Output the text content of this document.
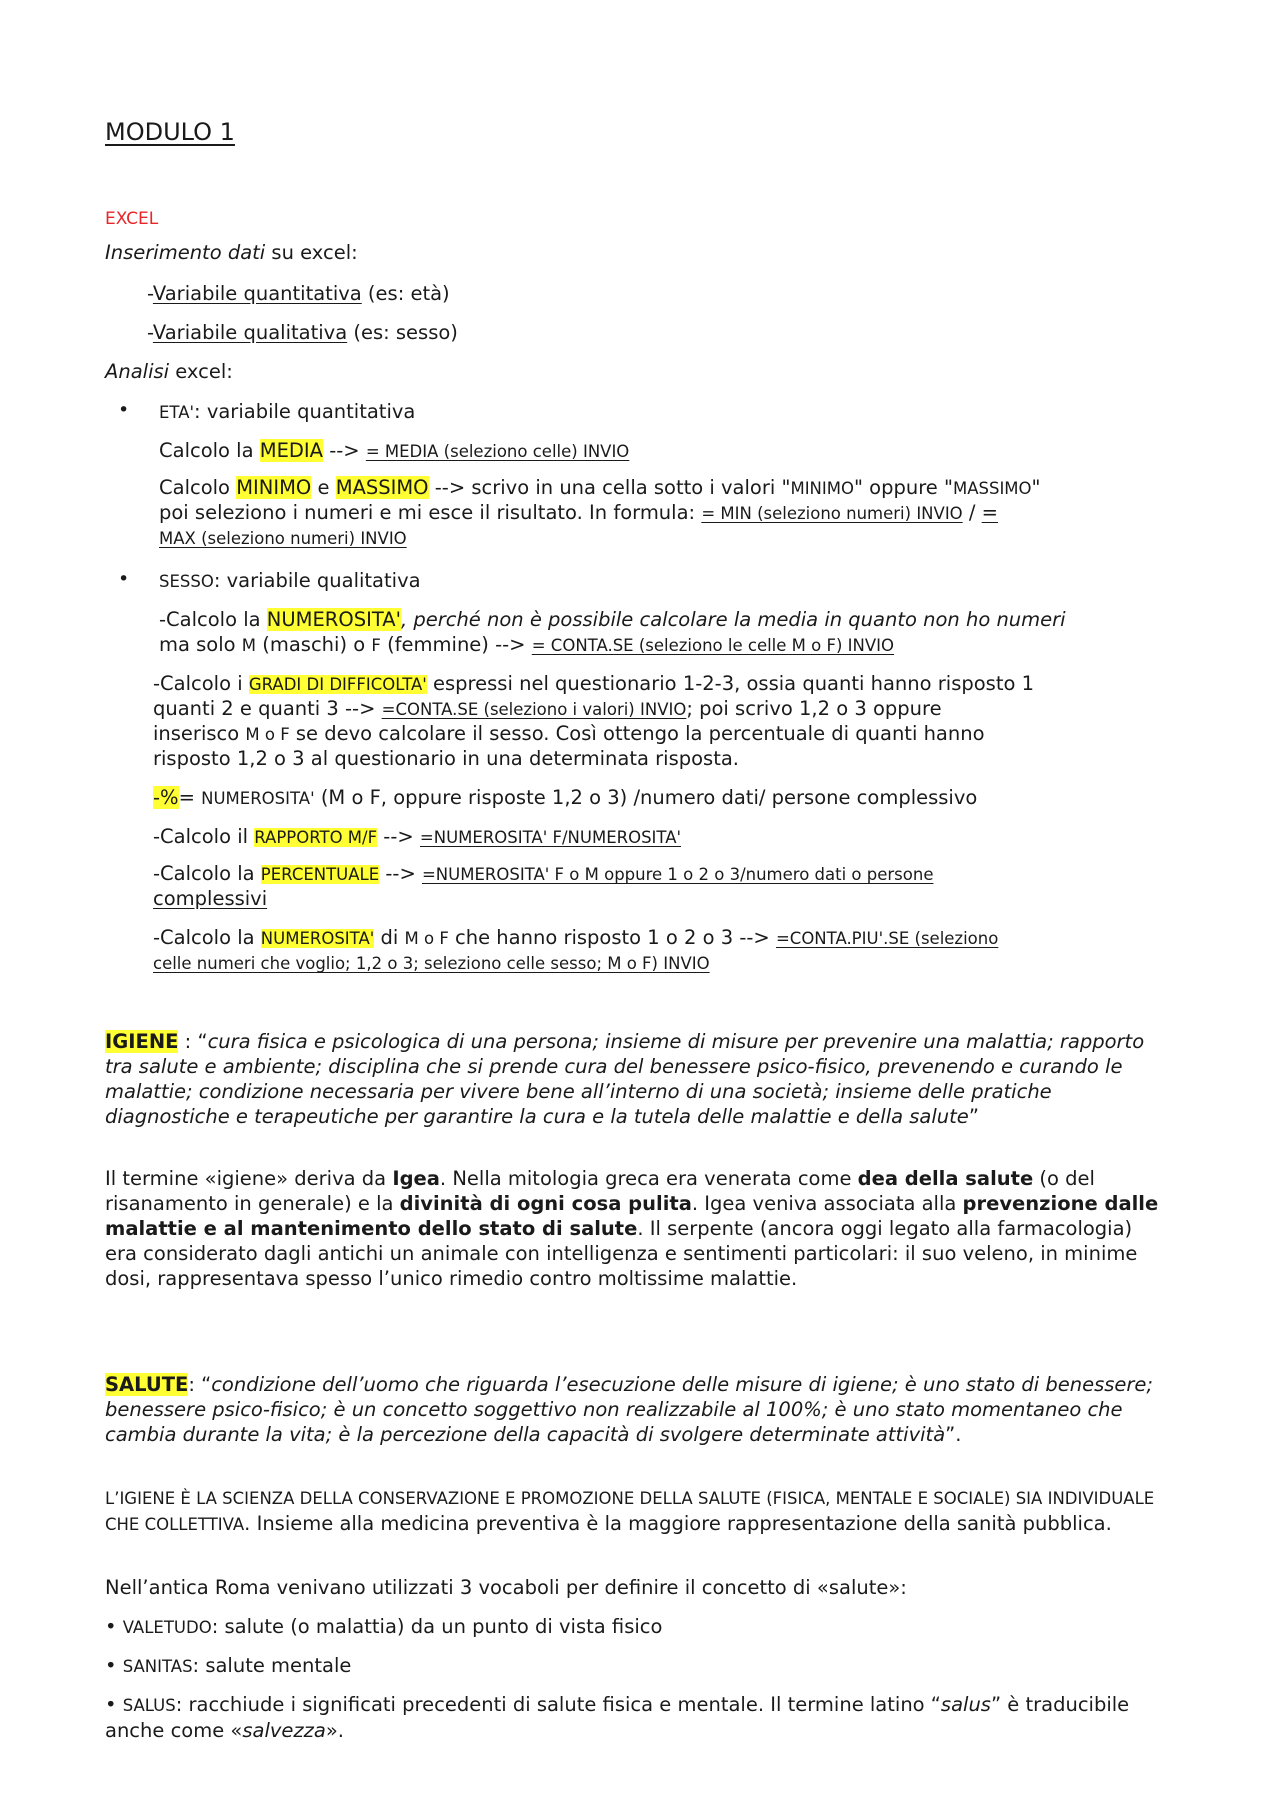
MODULO 1
EXCEL
Inserimento dati su excel:
-Variabile quantitativa (es: età)
-Variabile qualitativa (es: sesso)
Analisi excel:
• ETA': variabile quantitativa
Calcolo la MEDIA --> = MEDIA (seleziono celle) INVIO
Calcolo MINIMO e MASSIMO --> scrivo in una cella sotto i valori "MINIMO" oppure "MASSIMO"
poi seleziono i numeri e mi esce il risultato. In formula: = MIN (seleziono numeri) INVIO / =
MAX (seleziono numeri) INVIO
• SESSO: variabile qualitativa
-Calcolo la NUMEROSITA', perché non è possibile calcolare la media in quanto non ho numeri
ma solo M (maschi) o F (femmine) --> = CONTA.SE (seleziono le celle M o F) INVIO
-Calcolo i GRADI DI DIFFICOLTA' espressi nel questionario 1-2-3, ossia quanti hanno risposto 1
quanti 2 e quanti 3 --> =CONTA.SE (seleziono i valori) INVIO; poi scrivo 1,2 o 3 oppure
inserisco M o F se devo calcolare il sesso. Così ottengo la percentuale di quanti hanno
risposto 1,2 o 3 al questionario in una determinata risposta.
-%= NUMEROSITA' (M o F, oppure risposte 1,2 o 3) /numero dati/ persone complessivo
-Calcolo il RAPPORTO M/F --> =NUMEROSITA' F/NUMEROSITA'
-Calcolo la PERCENTUALE --> =NUMEROSITA' F o M oppure 1 o 2 o 3/numero dati o persone
complessivi
-Calcolo la NUMEROSITA' di M o F che hanno risposto 1 o 2 o 3 --> =CONTA.PIU'.SE (seleziono
celle numeri che voglio; 1,2 o 3; seleziono celle sesso; M o F) INVIO
IGIENE : “cura fisica e psicologica di una persona; insieme di misure per prevenire una malattia; rapporto tra salute e ambiente; disciplina che si prende cura del benessere psico-fisico, prevenendo e curando le malattie; condizione necessaria per vivere bene all’interno di una società; insieme delle pratiche diagnostiche e terapeutiche per garantire la cura e la tutela delle malattie e della salute”
Il termine «igiene» deriva da Igea. Nella mitologia greca era venerata come dea della salute (o del risanamento in generale) e la divinità di ogni cosa pulita. Igea veniva associata alla prevenzione dalle malattie e al mantenimento dello stato di salute. Il serpente (ancora oggi legato alla farmacologia) era considerato dagli antichi un animale con intelligenza e sentimenti particolari: il suo veleno, in minime dosi, rappresentava spesso l’unico rimedio contro moltissime malattie.
SALUTE: “condizione dell’uomo che riguarda l’esecuzione delle misure di igiene; è uno stato di benessere; benessere psico-fisico; è un concetto soggettivo non realizzabile al 100%; è uno stato momentaneo che cambia durante la vita; è la percezione della capacità di svolgere determinate attività”.
L’IGIENE È LA SCIENZA DELLA CONSERVAZIONE E PROMOZIONE DELLA SALUTE (FISICA, MENTALE E SOCIALE) SIA INDIVIDUALE CHE COLLETTIVA. Insieme alla medicina preventiva è la maggiore rappresentazione della sanità pubblica.
Nell’antica Roma venivano utilizzati 3 vocaboli per definire il concetto di «salute»:
• VALETUDO: salute (o malattia) da un punto di vista fisico
• SANITAS: salute mentale
• SALUS: racchiude i significati precedenti di salute fisica e mentale. Il termine latino “salus” è traducibile anche come «salvezza».
